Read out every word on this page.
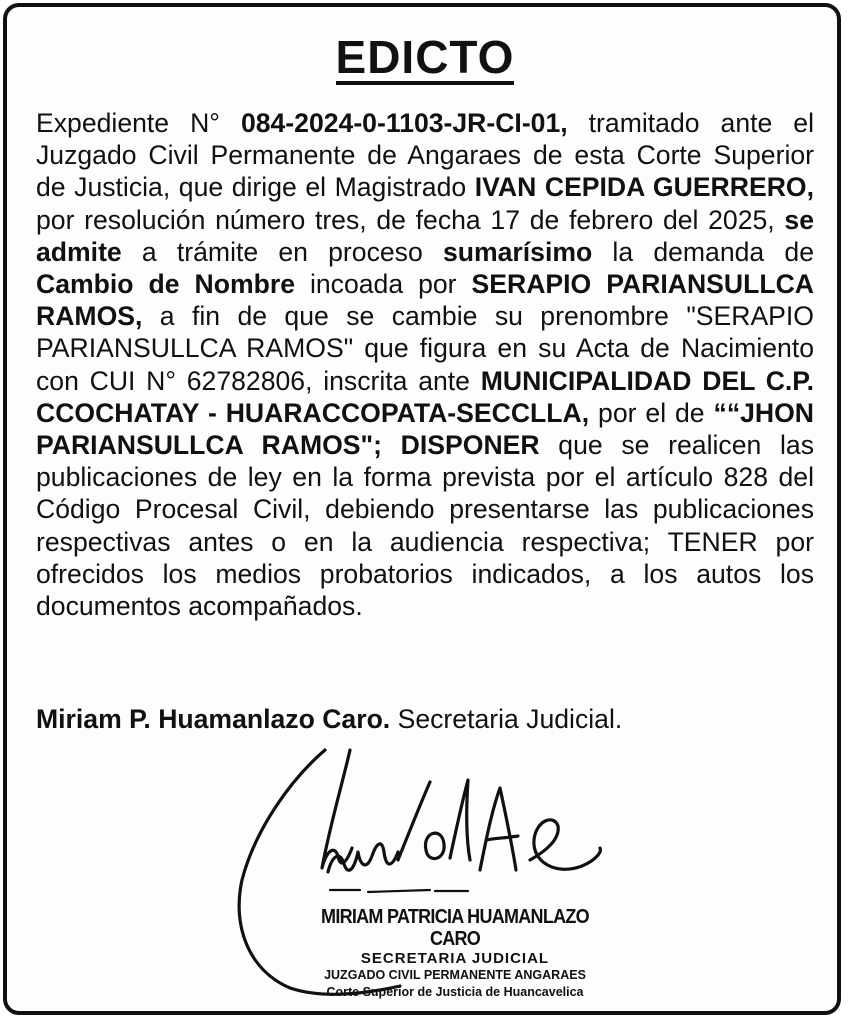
EDICTO

Expediente N° 084-2024-0-1103-JR-CI-01, tramitado ante el Juzgado Civil Permanente de Angaraes de esta Corte Superior de Justicia, que dirige el Magistrado IVAN CEPIDA GUERRERO, por resolución número tres, de fecha 17 de febrero del 2025, se admite a trámite en proceso sumarísimo la demanda de Cambio de Nombre incoada por SERAPIO PARIANSULLCA RAMOS, a fin de que se cambie su prenombre "SERAPIO PARIANSULLCA RAMOS" que figura en su Acta de Nacimiento con CUI N° 62782806, inscrita ante MUNICIPALIDAD DEL C.P. CCOCHATAY - HUARACCOPATA-SECCLLA, por el de ““JHON PARIANSULLCA RAMOS"; DISPONER que se realicen las publicaciones de ley en la forma prevista por el artículo 828 del Código Procesal Civil, debiendo presentarse las publicaciones respectivas antes o en la audiencia respectiva; TENER por ofrecidos los medios probatorios indicados, a los autos los documentos acompañados.

Miriam P. Huamanlazo Caro. Secretaria Judicial.
MIRIAM PATRICIA HUAMANLAZO CARO
SECRETARIA JUDICIAL
JUZGADO CIVIL PERMANENTE ANGARAES
Corte Superior de Justicia de Huancavelica
